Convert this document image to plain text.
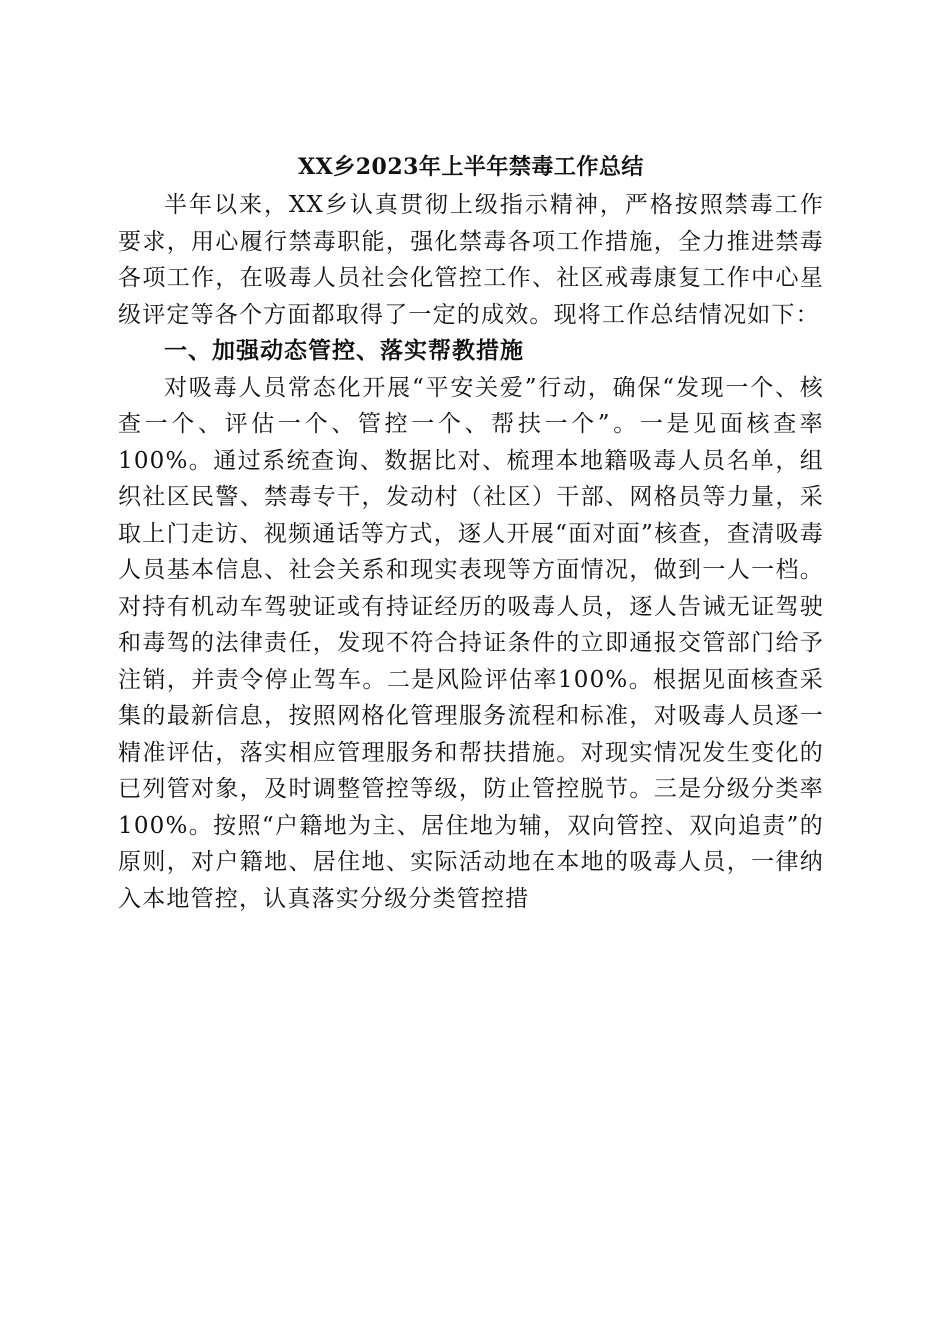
XX乡2023年上半年禁毒工作总结

半年以来，XX乡认真贯彻上级指示精神，严格按照禁毒工作要求，用心履行禁毒职能，强化禁毒各项工作措施，全力推进禁毒各项工作，在吸毒人员社会化管控工作、社区戒毒康复工作中心星级评定等各个方面都取得了一定的成效。现将工作总结情况如下：

一、加强动态管控、落实帮教措施

对吸毒人员常态化开展“平安关爱”行动，确保“发现一个、核查一个、评估一个、管控一个、帮扶一个”。一是见面核查率100%。通过系统查询、数据比对、梳理本地籍吸毒人员名单，组织社区民警、禁毒专干，发动村（社区）干部、网格员等力量，采取上门走访、视频通话等方式，逐人开展“面对面”核查，查清吸毒人员基本信息、社会关系和现实表现等方面情况，做到一人一档。对持有机动车驾驶证或有持证经历的吸毒人员，逐人告诫无证驾驶和毒驾的法律责任，发现不符合持证条件的立即通报交管部门给予注销，并责令停止驾车。二是风险评估率100%。根据见面核查采集的最新信息，按照网格化管理服务流程和标准，对吸毒人员逐一精准评估，落实相应管理服务和帮扶措施。对现实情况发生变化的已列管对象，及时调整管控等级，防止管控脱节。三是分级分类率100%。按照“户籍地为主、居住地为辅，双向管控、双向追责”的原则，对户籍地、居住地、实际活动地在本地的吸毒人员，一律纳入本地管控，认真落实分级分类管控措
